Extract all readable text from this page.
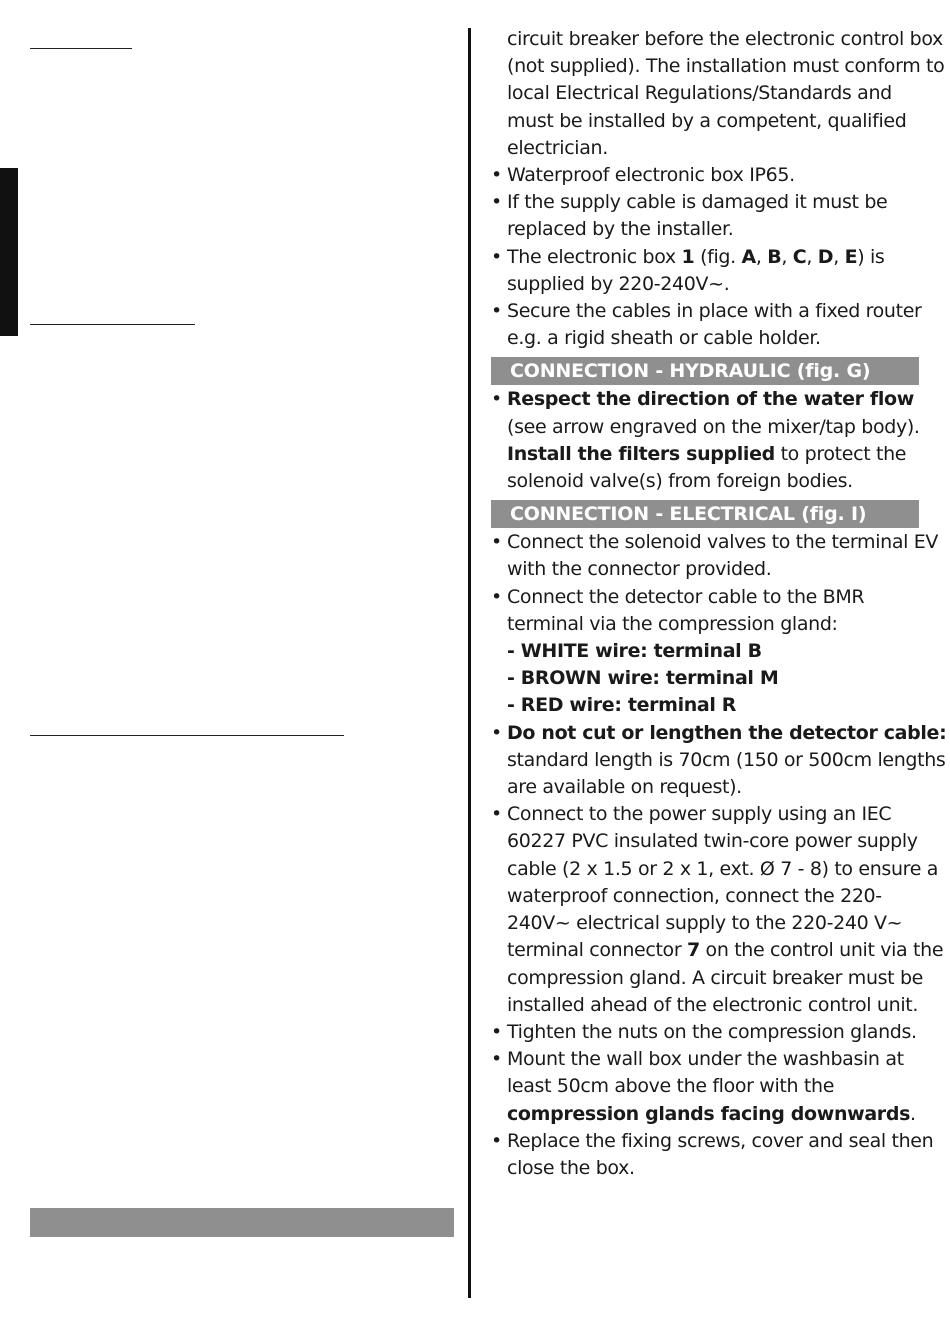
circuit breaker before the electronic control box
(not supplied). The installation must conform to
local Electrical Regulations/Standards and
must be installed by a competent, qualified
electrician.
• Waterproof electronic box IP65.
• If the supply cable is damaged it must be
replaced by the installer.
• The electronic box 1 (fig. A, B, C, D, E) is
supplied by 220-240V~.
• Secure the cables in place with a fixed router
e.g. a rigid sheath or cable holder.
CONNECTION - HYDRAULIC (fig. G)
• Respect the direction of the water flow
(see arrow engraved on the mixer/tap body).
Install the filters supplied to protect the
solenoid valve(s) from foreign bodies.
CONNECTION - ELECTRICAL (fig. I)
• Connect the solenoid valves to the terminal EV
with the connector provided.
• Connect the detector cable to the BMR
terminal via the compression gland:
- WHITE wire: terminal B
- BROWN wire: terminal M
- RED wire: terminal R
• Do not cut or lengthen the detector cable:
standard length is 70cm (150 or 500cm lengths
are available on request).
• Connect to the power supply using an IEC
60227 PVC insulated twin-core power supply
cable (2 x 1.5 or 2 x 1, ext. Ø 7 - 8) to ensure a
waterproof connection, connect the 220-
240V~ electrical supply to the 220-240 V~
terminal connector 7 on the control unit via the
compression gland. A circuit breaker must be
installed ahead of the electronic control unit.
• Tighten the nuts on the compression glands.
• Mount the wall box under the washbasin at
least 50cm above the floor with the
compression glands facing downwards.
• Replace the fixing screws, cover and seal then
close the box.
